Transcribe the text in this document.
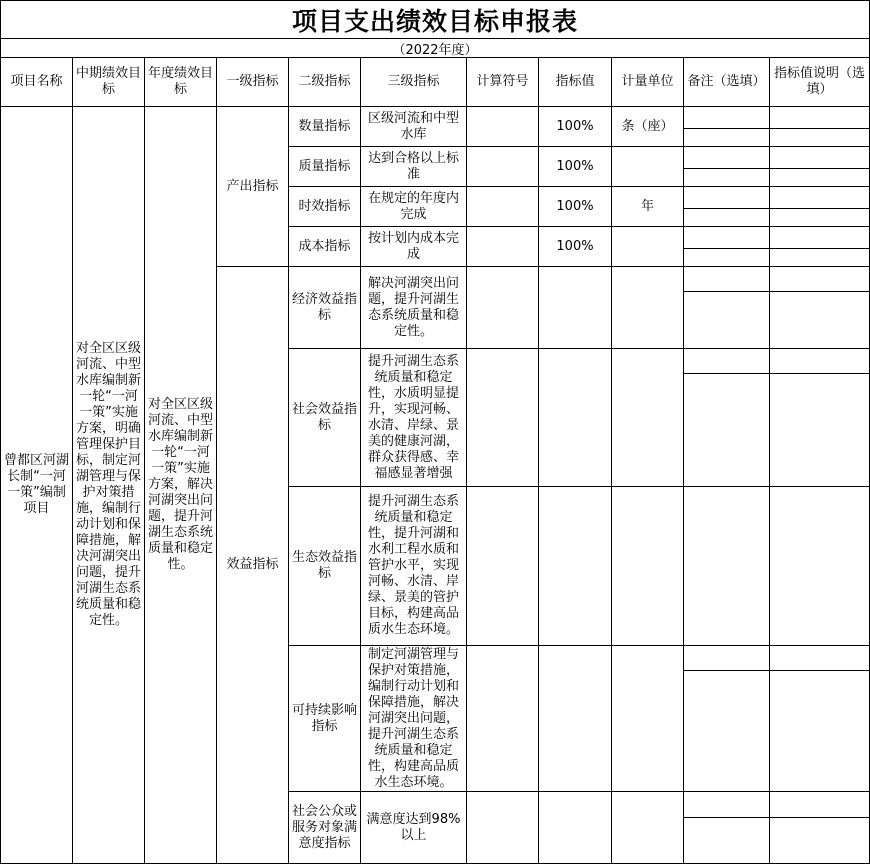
项目支出绩效目标申报表
（2022年度）
项目名称	中期绩效目标	年度绩效目标	一级指标	二级指标	三级指标	计算符号	指标值	计量单位	备注（选填）	指标值说明（选填）
曾都区河湖长制“一河一策”编制项目	对全区区级河流、中型水库编制新一轮“一河一策”实施方案，明确管理保护目标，制定河湖管理与保护对策措施，编制行动计划和保障措施，解决河湖突出问题，提升河湖生态系统质量和稳定性。	对全区区级河流、中型水库编制新一轮“一河一策”实施方案，解决河湖突出问题，提升河湖生态系统质量和稳定性。	产出指标	数量指标	区级河流和中型水库		100%	条（座）	

				质量指标	达到合格以上标准		100%		

				时效指标	在规定的年度内完成		100%	年	

				成本指标	按计划内成本完成		100%		

			效益指标	经济效益指标	解决河湖突出问题，提升河湖生态系统质量和稳定性。				

				社会效益指标	提升河湖生态系统质量和稳定性，水质明显提升，实现河畅、水清、岸绿、景美的健康河湖，群众获得感、幸福感显著增强				

				生态效益指标	提升河湖生态系统质量和稳定性，提升河湖和水利工程水质和管护水平，实现河畅、水清、岸绿、景美的管护目标，构建高品质水生态环境。				

				可持续影响指标	制定河湖管理与保护对策措施，编制行动计划和保障措施，解决河湖突出问题，提升河湖生态系统质量和稳定性，构建高品质水生态环境。				

				社会公众或服务对象满意度指标	满意度达到98%以上				
